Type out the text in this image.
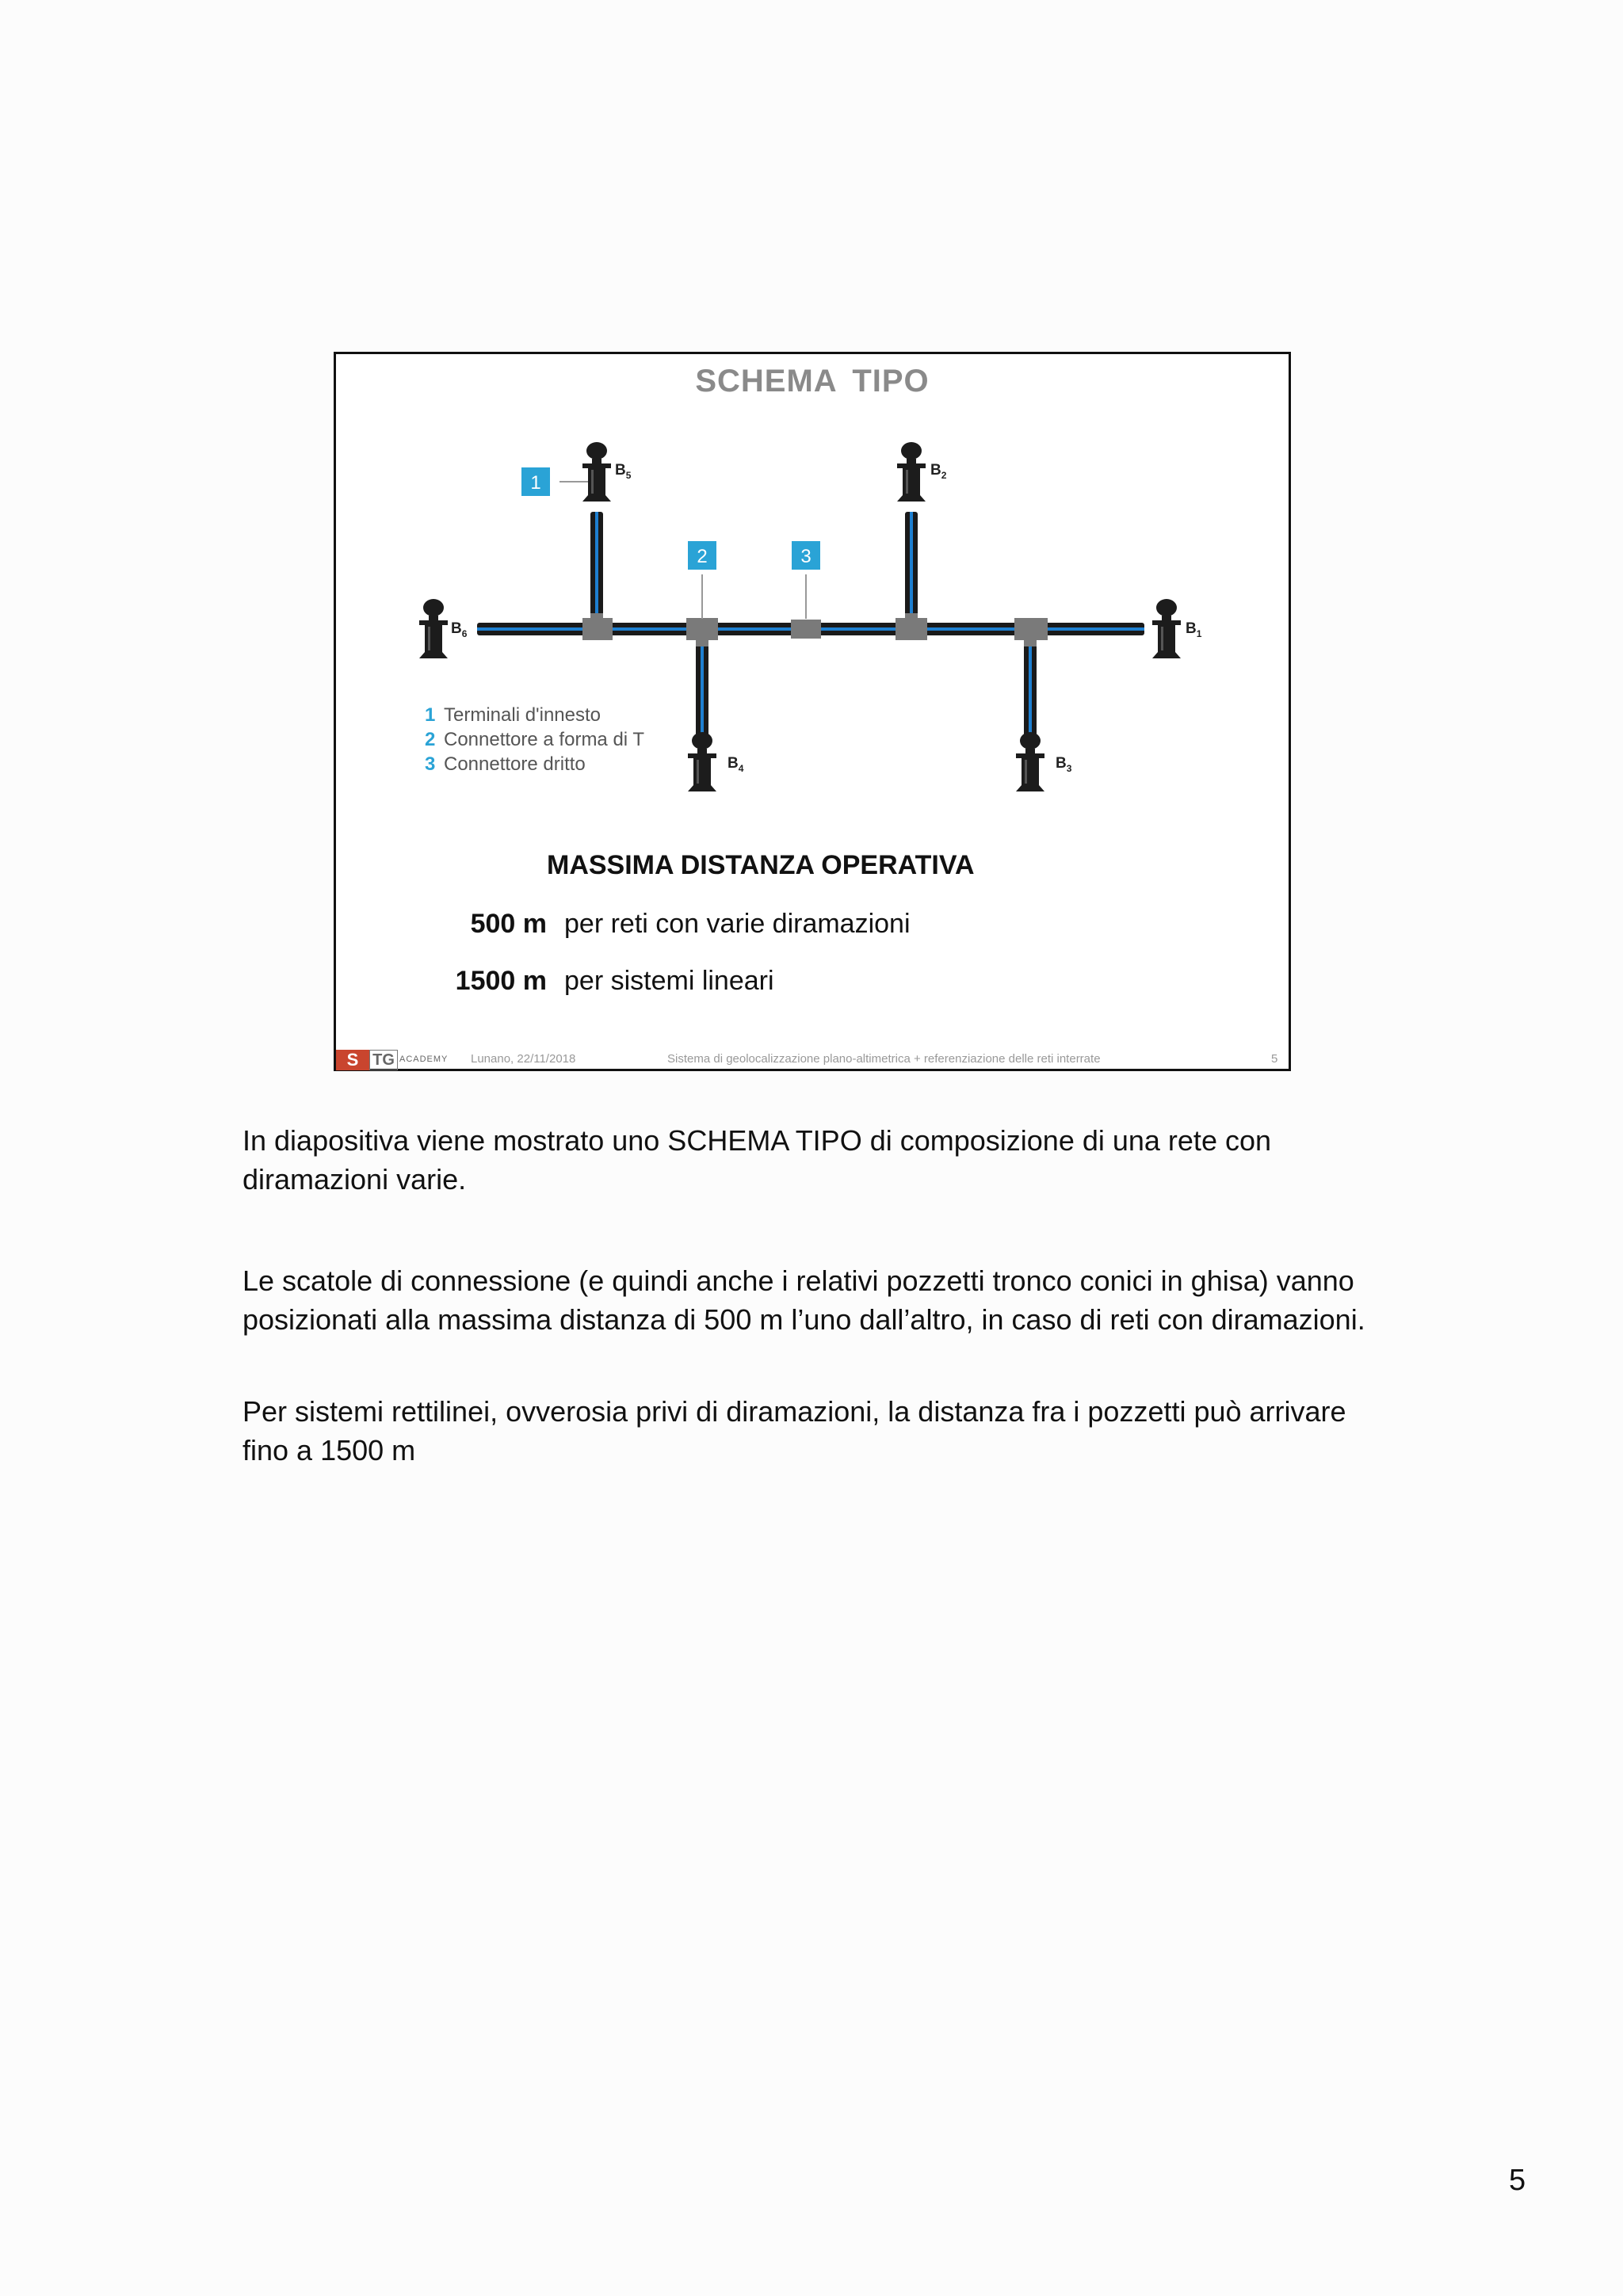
$B_5$	$B_2$
$B_6$	$B_1$
$B_4$	$B_3$
1
2	3
SCHEMA TIPO
1 Terminali d'innesto
2 Connettore a forma di T
3 Connettore dritto
MASSIMA DISTANZA OPERATIVA
500 m per reti con varie diramazioni
1500 m per sistemi lineari
S TG ACADEMY Lunano, 22/11/2018	Sistema di geolocalizzazione plano-altimetrica + referenziazione delle reti interrate	5
In diapositiva viene mostrato uno SCHEMA TIPO di composizione di una rete con diramazioni varie.
Le scatole di connessione (e quindi anche i relativi pozzetti tronco conici in ghisa) vanno posizionati alla massima distanza di 500 m l’uno dall’altro, in caso di reti con diramazioni.
Per sistemi rettilinei, ovverosia privi di diramazioni, la distanza fra i pozzetti può arrivare fino a 1500 m
5
